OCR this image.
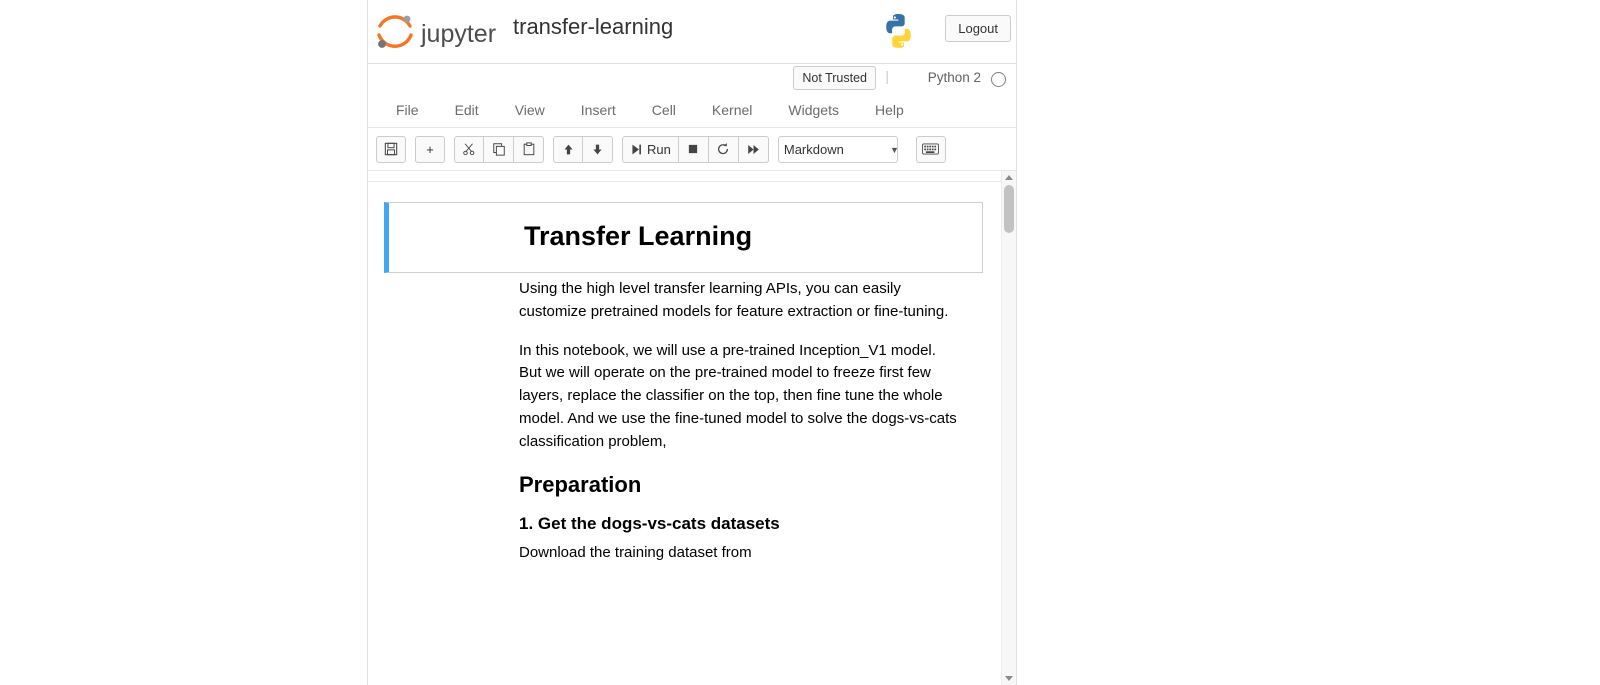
jupyter transfer-learning	Logout
Not Trusted	|	Python 2
File	Edit	View	Insert	Cell	Kernel	Widgets	Help
+	Run
Markdown	▼
Transfer Learning

Using the high level transfer learning APIs, you can easily customize pretrained models for feature extraction or fine-tuning.

In this notebook, we will use a pre-trained Inception_V1 model. But we will operate on the pre-trained model to freeze first few layers, replace the classifier on the top, then fine tune the whole model. And we use the fine-tuned model to solve the dogs-vs-cats classification problem,

Preparation
1. Get the dogs-vs-cats datasets

Download the training dataset from
